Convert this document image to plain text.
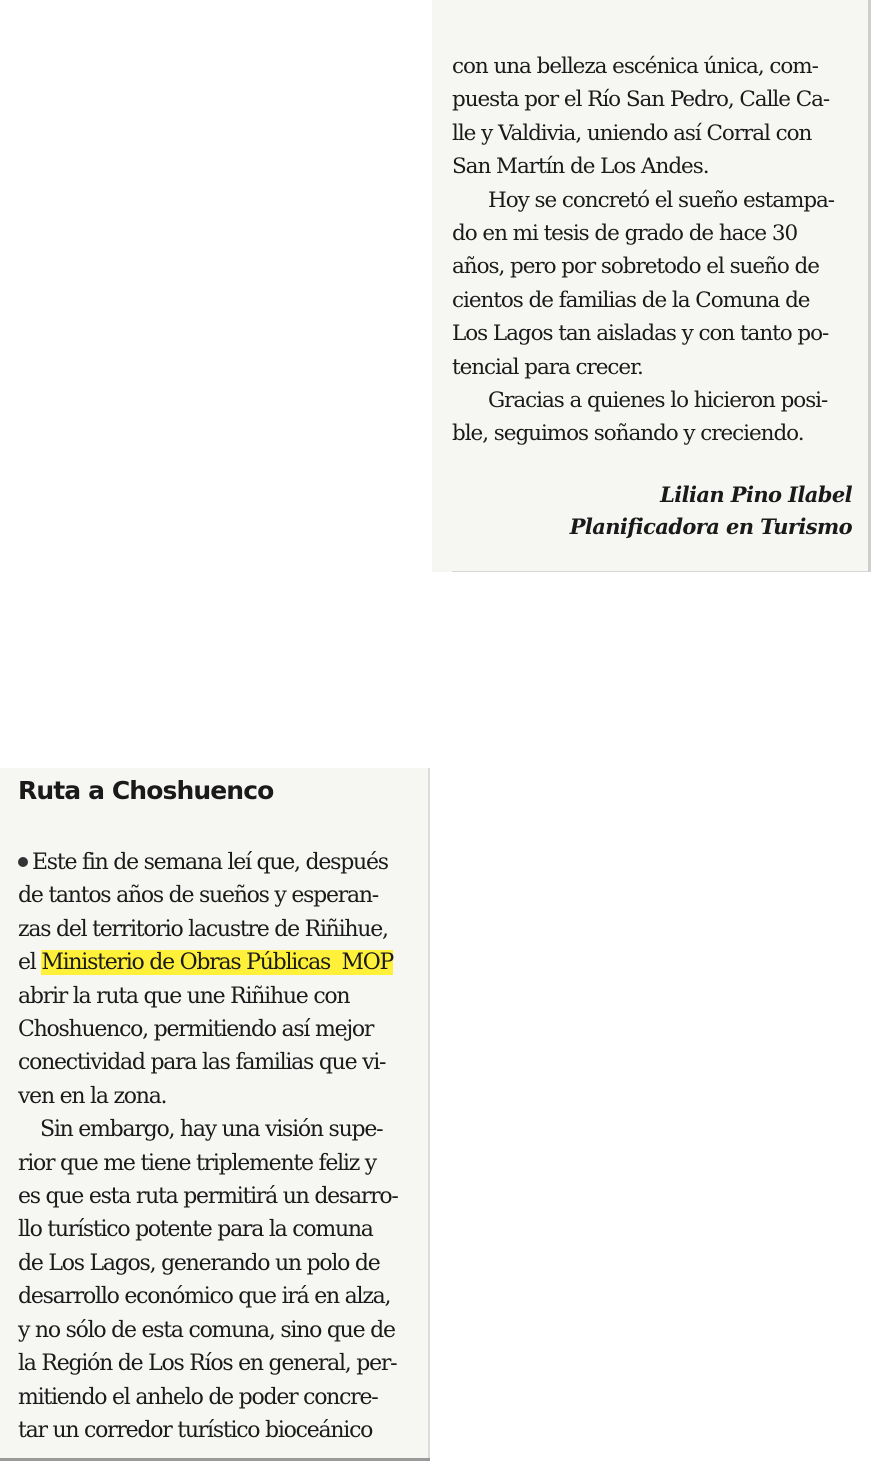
con una belleza escénica única, com-
puesta por el Río San Pedro, Calle Ca-
lle y Valdivia, uniendo así Corral con
San Martín de Los Andes.
Hoy se concretó el sueño estampa-
do en mi tesis de grado de hace 30
años, pero por sobretodo el sueño de
cientos de familias de la Comuna de
Los Lagos tan aisladas y con tanto po-
tencial para crecer.
Gracias a quienes lo hicieron posi-
ble, seguimos soñando y creciendo.
Lilian Pino Ilabel
Planificadora en Turismo
Ruta a Choshuenco
Este fin de semana leí que, después
de tantos años de sueños y esperan-
zas del territorio lacustre de Riñihue,
el Ministerio de Obras Públicas  MOP
abrir la ruta que une Riñihue con
Choshuenco, permitiendo así mejor
conectividad para las familias que vi-
ven en la zona.
Sin embargo, hay una visión supe-
rior que me tiene triplemente feliz y
es que esta ruta permitirá un desarro-
llo turístico potente para la comuna
de Los Lagos, generando un polo de
desarrollo económico que irá en alza,
y no sólo de esta comuna, sino que de
la Región de Los Ríos en general, per-
mitiendo el anhelo de poder concre-
tar un corredor turístico bioceánico
